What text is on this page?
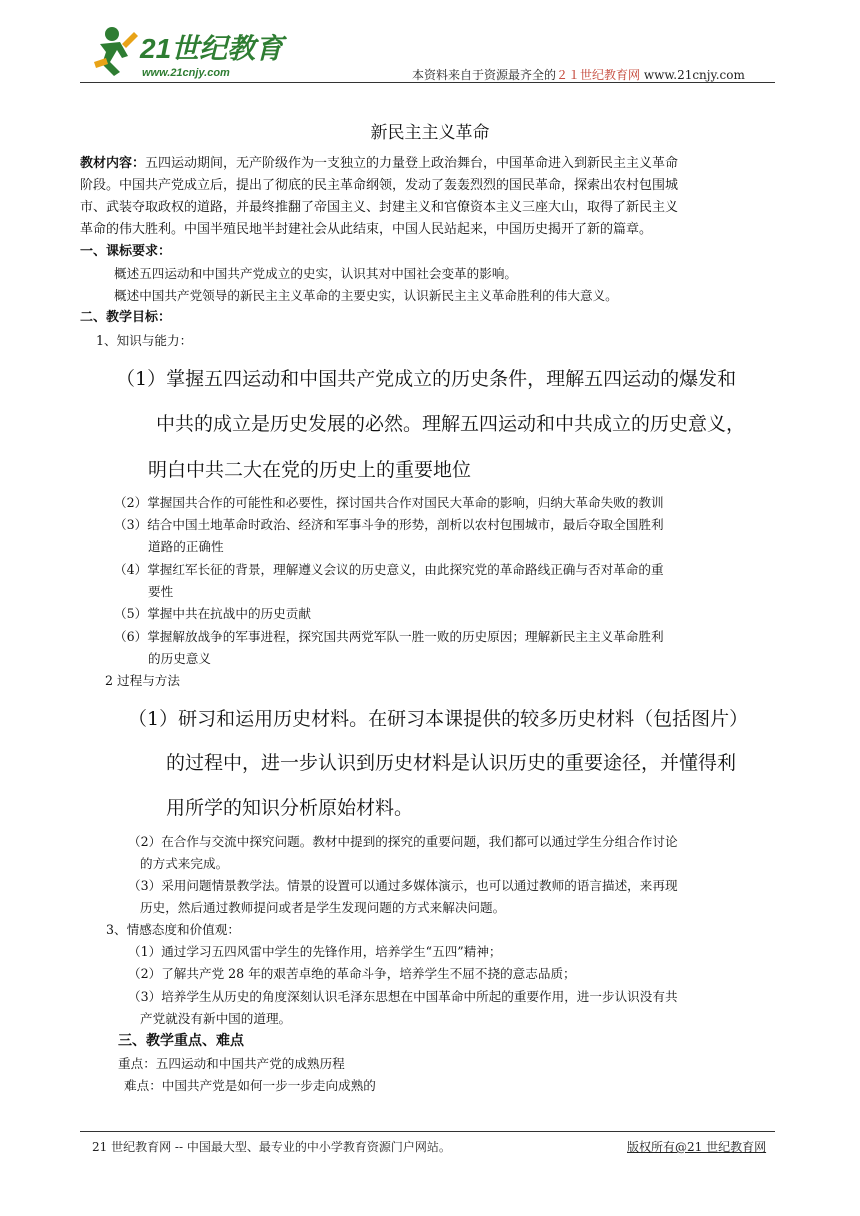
21世纪教育
www.21cnjy.com	本资料来自于资源最齐全的２１世纪教育网 www.21cnjy.com
新民主主义革命
教材内容：五四运动期间，无产阶级作为一支独立的力量登上政治舞台，中国革命进入到新民主主义革命
阶段。中国共产党成立后，提出了彻底的民主革命纲领，发动了轰轰烈烈的国民革命，探索出农村包围城
市、武装夺取政权的道路，并最终推翻了帝国主义、封建主义和官僚资本主义三座大山，取得了新民主义
革命的伟大胜利。中国半殖民地半封建社会从此结束，中国人民站起来，中国历史揭开了新的篇章。
一、课标要求：
概述五四运动和中国共产党成立的史实，认识其对中国社会变革的影响。
概述中国共产党领导的新民主主义革命的主要史实，认识新民主主义革命胜利的伟大意义。
二、教学目标：
1、知识与能力：
（1）掌握五四运动和中国共产党成立的历史条件，理解五四运动的爆发和
中共的成立是历史发展的必然。理解五四运动和中共成立的历史意义，
明白中共二大在党的历史上的重要地位
（2）掌握国共合作的可能性和必要性，探讨国共合作对国民大革命的影响，归纳大革命失败的教训
（3）结合中国土地革命时政治、经济和军事斗争的形势，剖析以农村包围城市，最后夺取全国胜利
道路的正确性
（4）掌握红军长征的背景，理解遵义会议的历史意义，由此探究党的革命路线正确与否对革命的重
要性
（5）掌握中共在抗战中的历史贡献
（6）掌握解放战争的军事进程，探究国共两党军队一胜一败的历史原因；理解新民主主义革命胜利
的历史意义
2 过程与方法
（1）研习和运用历史材料。在研习本课提供的较多历史材料（包括图片）
的过程中，进一步认识到历史材料是认识历史的重要途径，并懂得利
用所学的知识分析原始材料。
（2）在合作与交流中探究问题。教材中提到的探究的重要问题，我们都可以通过学生分组合作讨论
的方式来完成。
（3）采用问题情景教学法。情景的设置可以通过多媒体演示，也可以通过教师的语言描述，来再现
历史，然后通过教师提问或者是学生发现问题的方式来解决问题。
3、情感态度和价值观：
（1）通过学习五四风雷中学生的先锋作用，培养学生“五四”精神；
（2）了解共产党 28 年的艰苦卓绝的革命斗争，培养学生不屈不挠的意志品质；
（3）培养学生从历史的角度深刻认识毛泽东思想在中国革命中所起的重要作用，进一步认识没有共
产党就没有新中国的道理。
三、教学重点、难点
重点：五四运动和中国共产党的成熟历程
难点：中国共产党是如何一步一步走向成熟的
21 世纪教育网 -- 中国最大型、最专业的中小学教育资源门户网站。	版权所有@21 世纪教育网
